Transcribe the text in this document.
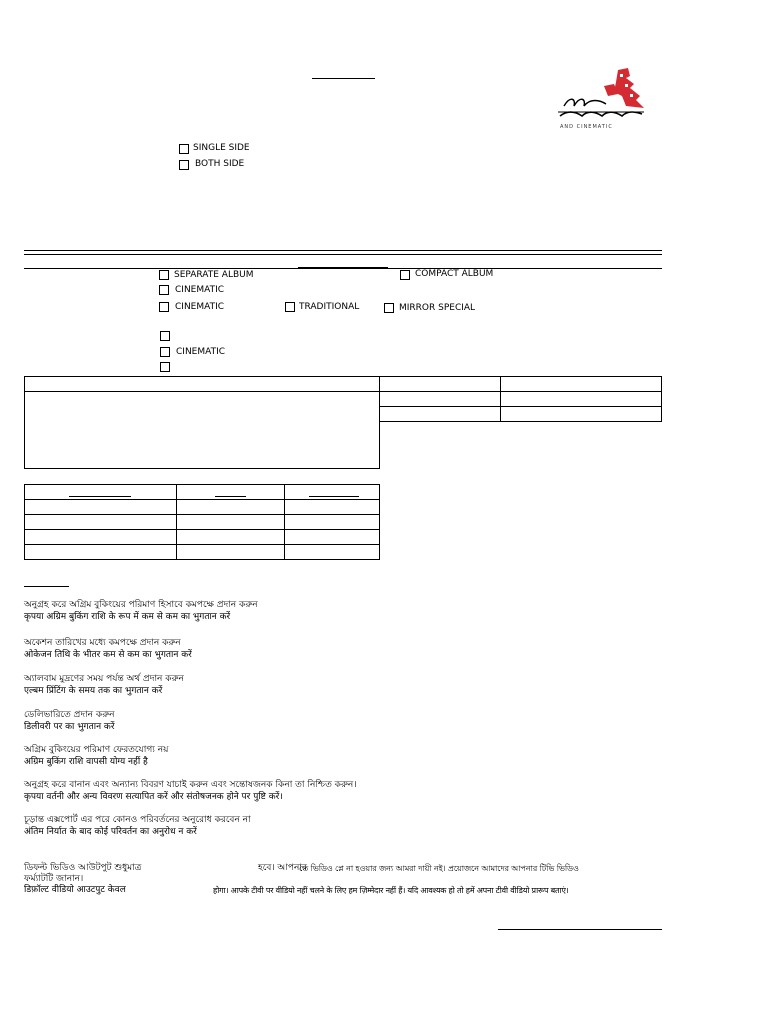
AND CINEMATIC
SINGLE SIDE
BOTH SIDE
SEPARATE ALBUM	COMPACT ALBUM
CINEMATIC
CINEMATIC	TRADITIONAL	MIRROR SPECIAL
CINEMATIC

অনুগ্রহ করে অগ্রিম বুকিংয়ের পরিমাণ হিসাবে কমপক্ষে প্রদান করুন
कृपया अग्रिम बुकिंग राशि के रूप में कम से कम का भुगतान करें
অকেশন তারিখের মধ্যে কমপক্ষে প্রদান করুন
ओकेजन तिथि के भीतर कम से कम का भुगतान करें
অ্যালবাম মুদ্রণের সময় পর্যন্ত অর্থ প্রদান করুন
एल्बम प्रिंटिंग के समय तक का भुगतान करें
ডেলিভারিতে প্রদান করুন
डिलीवरी पर का भुगतान करें
অগ্রিম বুকিংয়ের পরিমাণ ফেরতযোগ্য নয়
अग्रिम बुकिंग राशि वापसी योग्य नहीं है
অনুগ্রহ করে বানান এবং অন্যান্য বিবরণ যাচাই করুন এবং সন্তোষজনক কিনা তা নিশ্চিত করুন।
कृपया वर्तनी और अन्य विवरण सत्यापित करें और संतोषजनक होने पर पुष्टि करें।
চূড়ান্ত এক্সপোর্ট এর পরে কোনও পরিবর্তনের অনুরোধ করবেন না
अंतिम निर्यात के बाद कोई परिवर्तन का अनुरोध न करें
ডিফল্ট ভিডিও আউটপুট শুধুমাত্র	হবে। আপনার
তে ভিডিও প্লে না হওয়ার জন্য আমরা দায়ী নই। প্রয়োজনে আমাদের আপনার টিভি ভিডিও
ফর্ম্যাটটি জানান।
डिफ़ॉल्ट वीडियो आउटपुट केवल	होगा। आपके टीवी पर वीडियो नहीं चलने के लिए हम ज़िम्मेदार नहीं हैं। यदि आवश्यक हो तो हमें अपना टीवी वीडियो प्रारूप बताएं।
